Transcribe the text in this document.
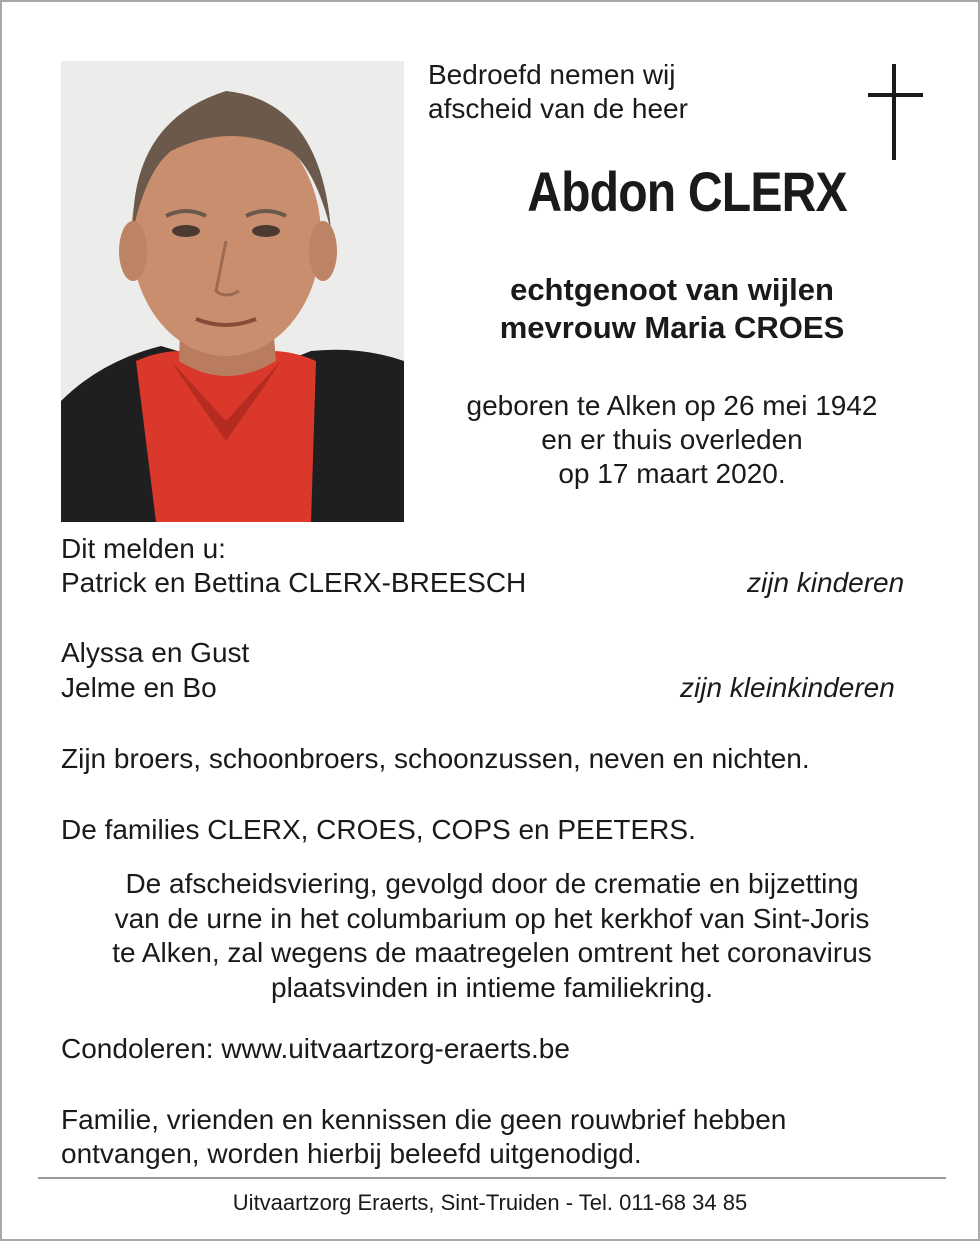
Bedroefd nemen wij
afscheid van de heer
Abdon CLERX
echtgenoot van wijlen
mevrouw Maria CROES
geboren te Alken op 26 mei 1942
en er thuis overleden
op 17 maart 2020.
Dit melden u:
Patrick en Bettina CLERX-BREESCH	zijn kinderen
Alyssa en Gust
Jelme en Bo	zijn kleinkinderen
Zijn broers, schoonbroers, schoonzussen, neven en nichten.
De families CLERX, CROES, COPS en PEETERS.
De afscheidsviering, gevolgd door de crematie en bijzetting
van de urne in het columbarium op het kerkhof van Sint-Joris
te Alken, zal wegens de maatregelen omtrent het coronavirus
plaatsvinden in intieme familiekring.
Condoleren: www.uitvaartzorg-eraerts.be
Familie, vrienden en kennissen die geen rouwbrief hebben
ontvangen, worden hierbij beleefd uitgenodigd.
Uitvaartzorg Eraerts, Sint-Truiden - Tel. 011-68 34 85
